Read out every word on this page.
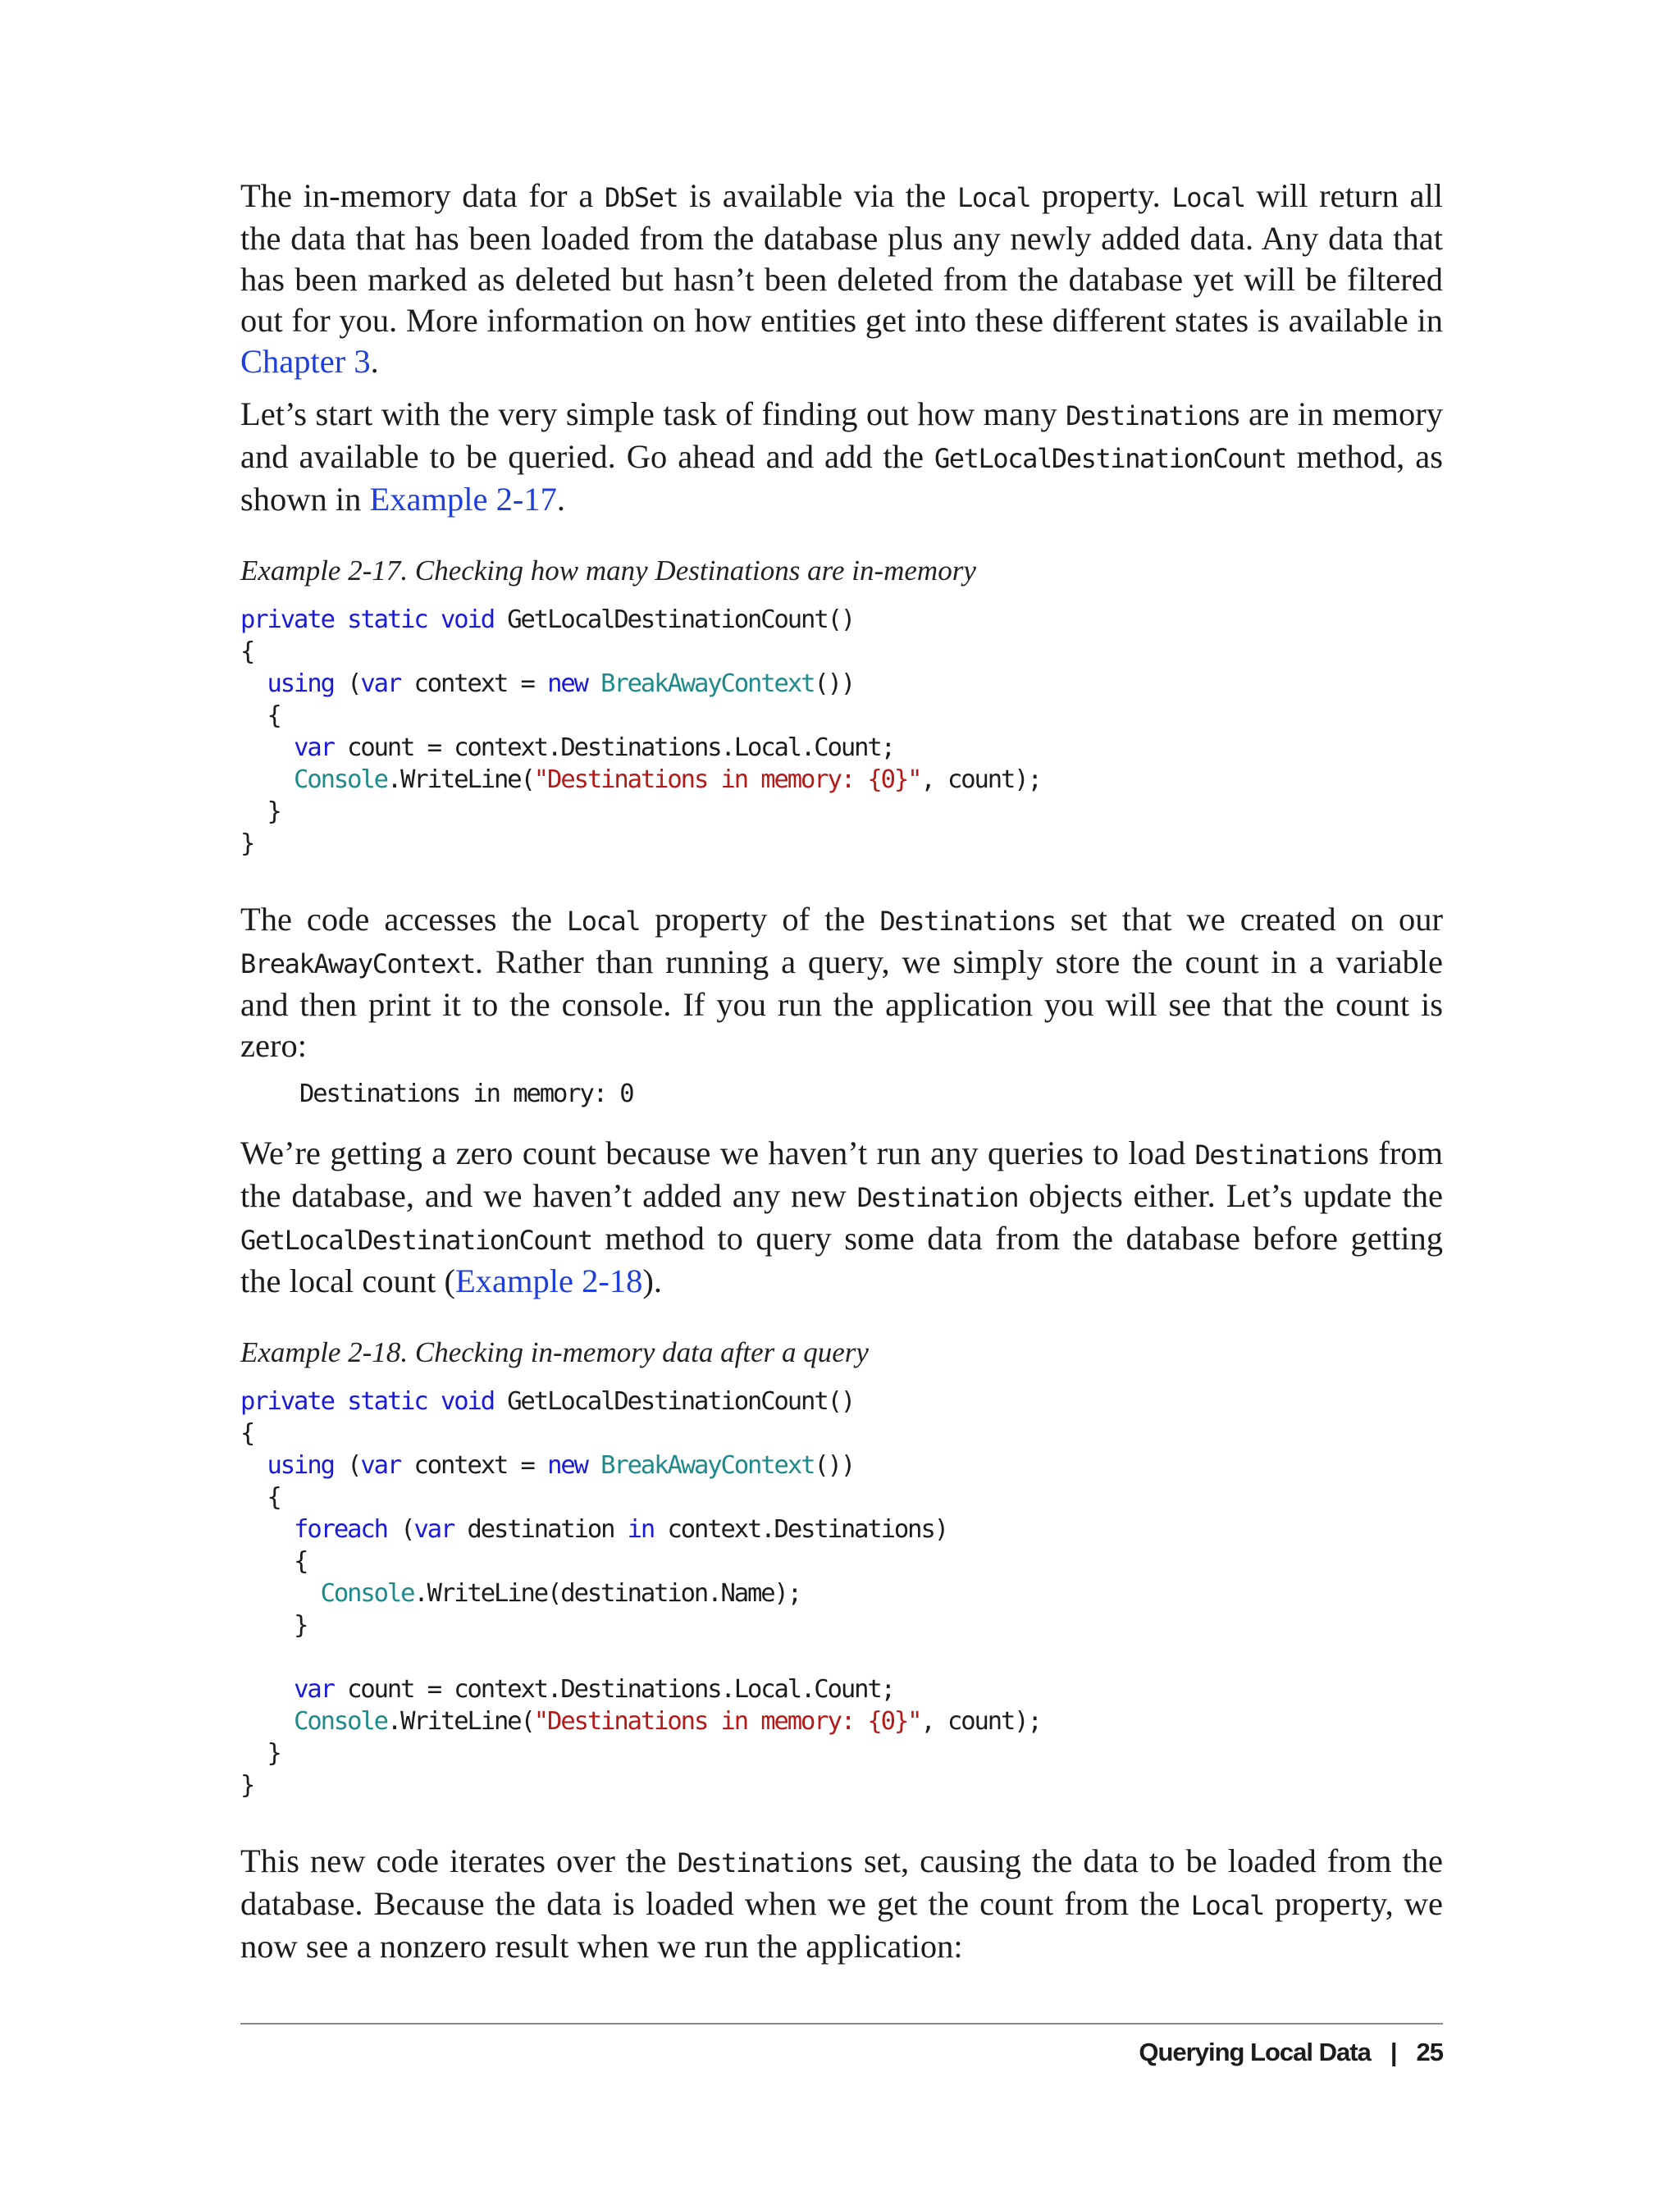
The in-memory data for a DbSet is available via the Local property. Local will return all the data that has been loaded from the database plus any newly added data. Any data that has been marked as deleted but hasn’t been deleted from the database yet will be filtered out for you. More information on how entities get into these different states is available in Chapter 3.

Let’s start with the very simple task of finding out how many Destinations are in memory and available to be queried. Go ahead and add the GetLocalDestinationCount method, as shown in Example 2-17.

Example 2-17. Checking how many Destinations are in-memory
private static void GetLocalDestinationCount()
{
using (var context = new BreakAwayContext())
{
var count = context.Destinations.Local.Count;
Console.WriteLine("Destinations in memory: {0}", count);
}
}

The code accesses the Local property of the Destinations set that we created on our BreakAwayContext. Rather than running a query, we simply store the count in a variable and then print it to the console. If you run the application you will see that the count is zero:

Destinations in memory: 0

We’re getting a zero count because we haven’t run any queries to load Destinations from the database, and we haven’t added any new Destination objects either. Let’s update the GetLocalDestinationCount method to query some data from the database before getting the local count (Example 2-18).

Example 2-18. Checking in-memory data after a query
private static void GetLocalDestinationCount()
{
using (var context = new BreakAwayContext())
{
foreach (var destination in context.Destinations)
{
Console.WriteLine(destination.Name);
}

var count = context.Destinations.Local.Count;
Console.WriteLine("Destinations in memory: {0}", count);
}
}

This new code iterates over the Destinations set, causing the data to be loaded from the database. Because the data is loaded when we get the count from the Local property, we now see a nonzero result when we run the application:

Querying Local Data | 25
